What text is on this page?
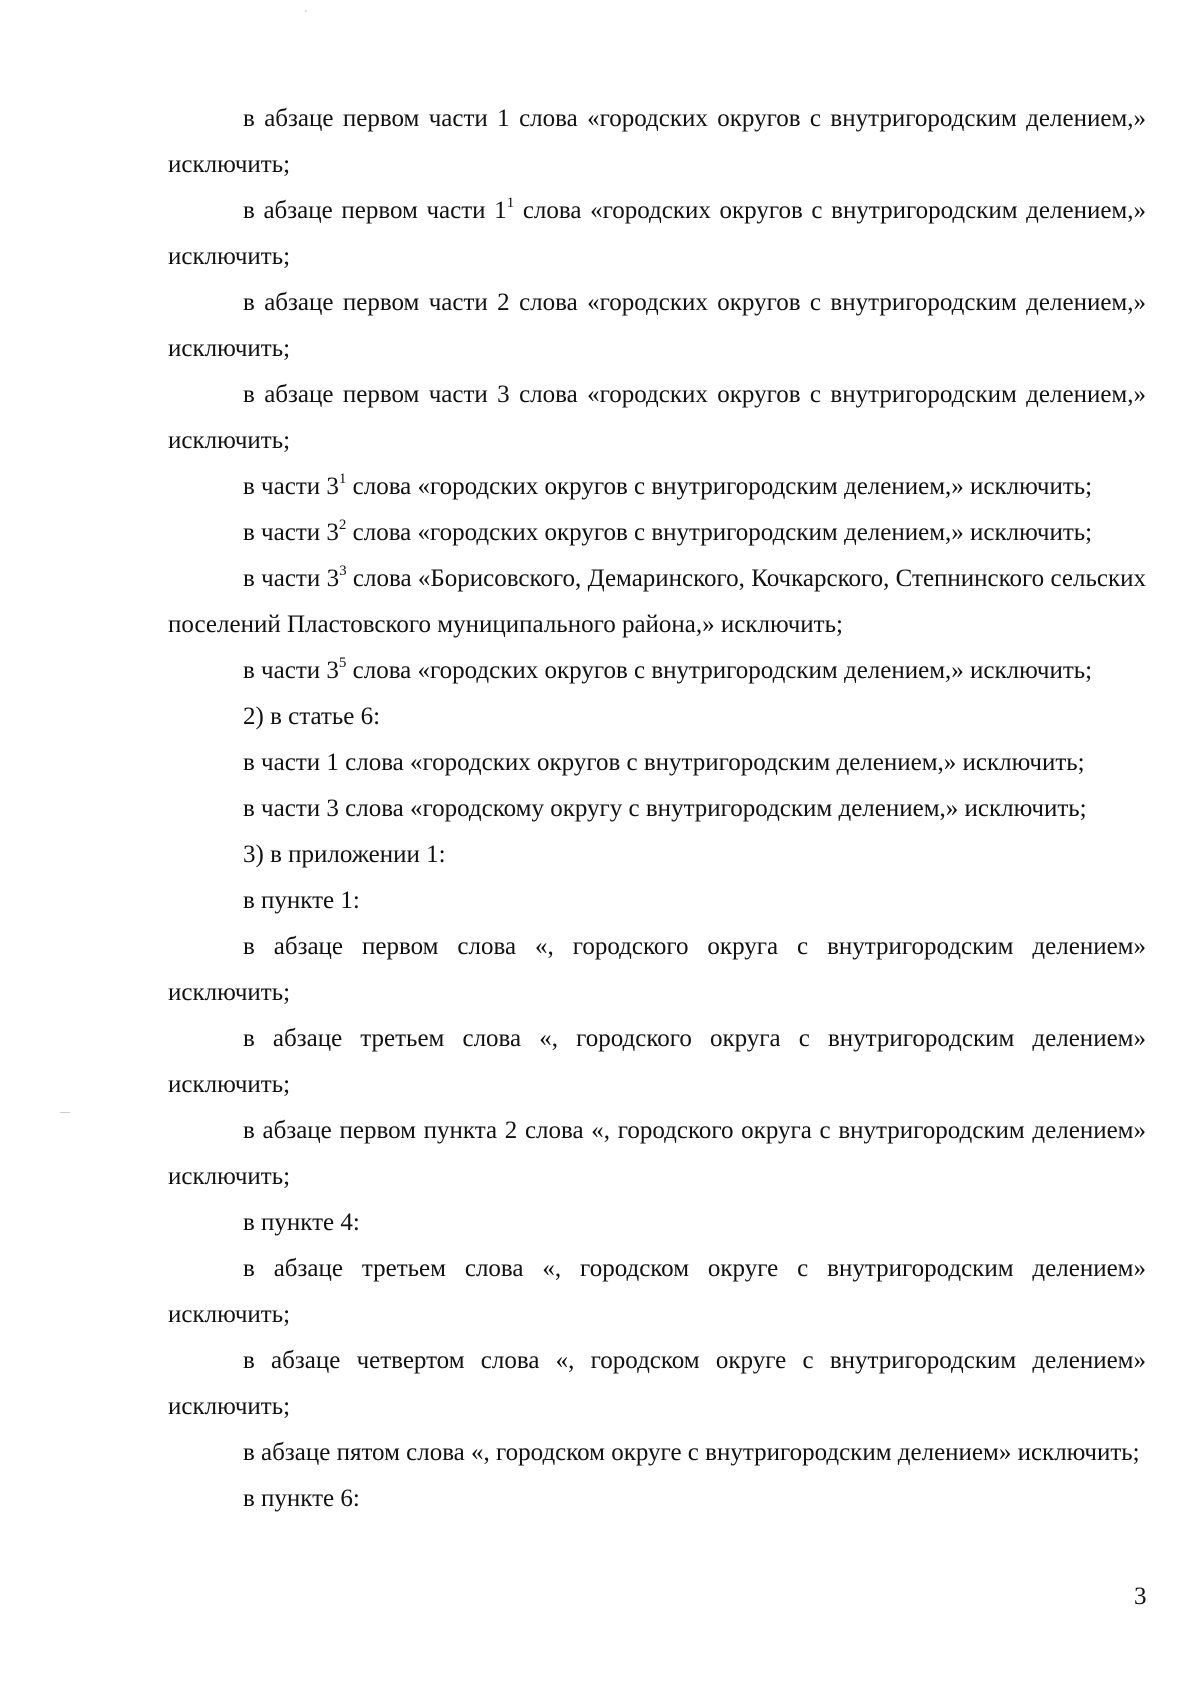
в абзаце первом части 1 слова «городских округов с внутригородским делением,» исключить;

в абзаце первом части $1^1$ слова «городских округов с внутригородским делением,» исключить;

в абзаце первом части 2 слова «городских округов с внутригородским делением,» исключить;

в абзаце первом части 3 слова «городских округов с внутригородским делением,» исключить;

в части $3^1$ слова «городских округов с внутригородским делением,» исключить;

в части $3^2$ слова «городских округов с внутригородским делением,» исключить;

в части $3^3$ слова «Борисовского, Демаринского, Кочкарского, Степнинского сельских поселений Пластовского муниципального района,» исключить;

в части $3^5$ слова «городских округов с внутригородским делением,» исключить;

2) в статье 6:

в части 1 слова «городских округов с внутригородским делением,» исключить;

в части 3 слова «городскому округу с внутригородским делением,» исключить;

3) в приложении 1:

в пункте 1:

в абзаце первом слова «, городского округа с внутригородским делением» исключить;

в абзаце третьем слова «, городского округа с внутригородским делением» исключить;

в абзаце первом пункта 2 слова «, городского округа с внутригородским делением» исключить;

в пункте 4:

в абзаце третьем слова «, городском округе с внутригородским делением» исключить;

в абзаце четвертом слова «, городском округе с внутригородским делением» исключить;

в абзаце пятом слова «, городском округе с внутригородским делением» исключить;

в пункте 6:

3
